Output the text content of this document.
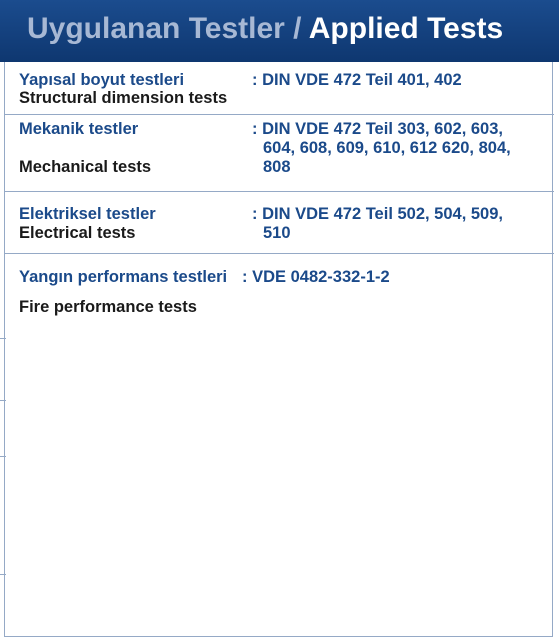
Uygulanan Testler / Applied Tests
Yapısal boyut testleri
Structural dimension tests
: DIN VDE 472 Teil 401, 402
Mekanik testler
Mechanical tests
: DIN VDE 472 Teil 303, 602, 603,
604, 608, 609, 610, 612 620, 804,
808
Elektriksel testler
Electrical tests
: DIN VDE 472 Teil 502, 504, 509,
510
Yangın performans testleri
Fire performance tests
: VDE 0482-332-1-2
